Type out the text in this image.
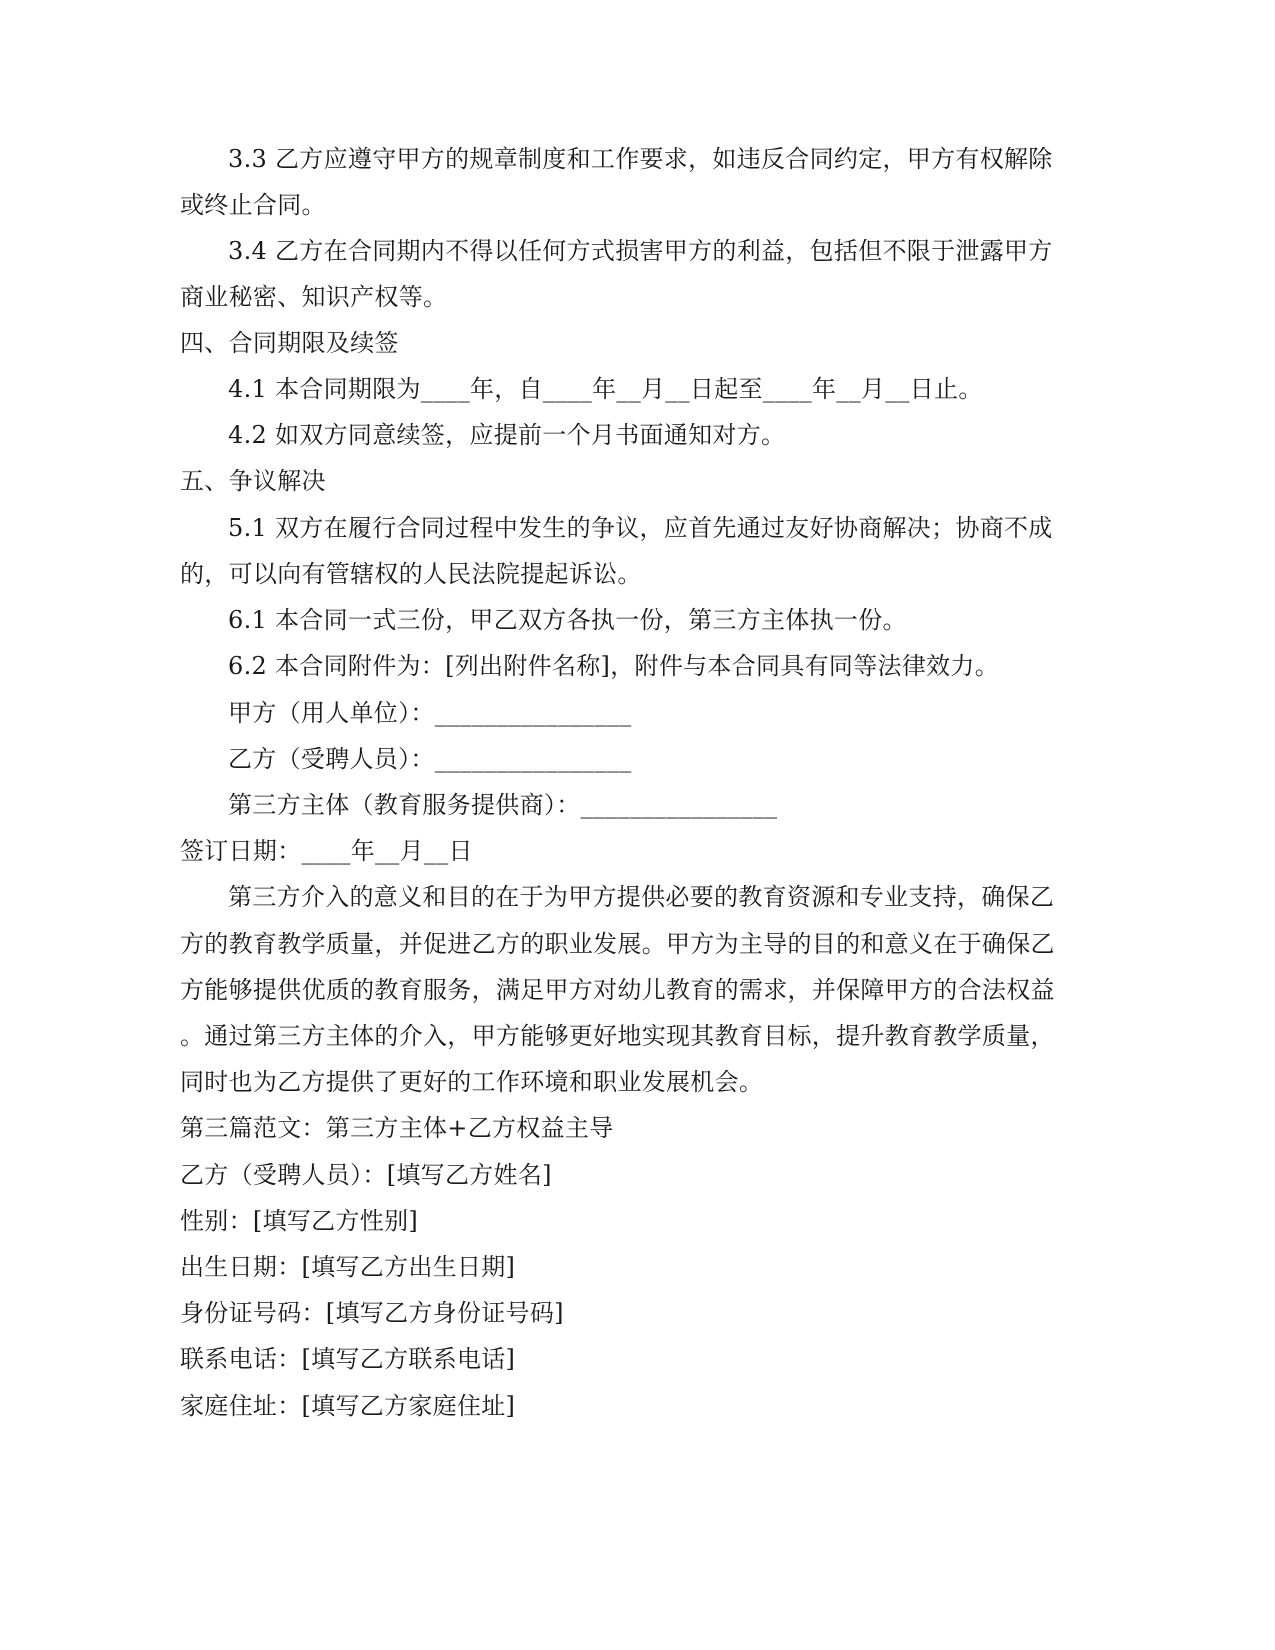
3.3 乙方应遵守甲方的规章制度和工作要求，如违反合同约定，甲方有权解除
或终止合同。
3.4 乙方在合同期内不得以任何方式损害甲方的利益，包括但不限于泄露甲方
商业秘密、知识产权等。
四、合同期限及续签
4.1 本合同期限为____年，自____年__月__日起至____年__月__日止。
4.2 如双方同意续签，应提前一个月书面通知对方。
五、争议解决
5.1 双方在履行合同过程中发生的争议，应首先通过友好协商解决；协商不成
的，可以向有管辖权的人民法院提起诉讼。
6.1 本合同一式三份，甲乙双方各执一份，第三方主体执一份。
6.2 本合同附件为：[列出附件名称]，附件与本合同具有同等法律效力。
甲方（用人单位）：________________
乙方（受聘人员）：________________
第三方主体（教育服务提供商）：________________
签订日期：____年__月__日
第三方介入的意义和目的在于为甲方提供必要的教育资源和专业支持，确保乙
方的教育教学质量，并促进乙方的职业发展。甲方为主导的目的和意义在于确保乙
方能够提供优质的教育服务，满足甲方对幼儿教育的需求，并保障甲方的合法权益
。通过第三方主体的介入，甲方能够更好地实现其教育目标，提升教育教学质量，
同时也为乙方提供了更好的工作环境和职业发展机会。
第三篇范文：第三方主体+乙方权益主导
乙方（受聘人员）：[填写乙方姓名]
性别：[填写乙方性别]
出生日期：[填写乙方出生日期]
身份证号码：[填写乙方身份证号码]
联系电话：[填写乙方联系电话]
家庭住址：[填写乙方家庭住址]
